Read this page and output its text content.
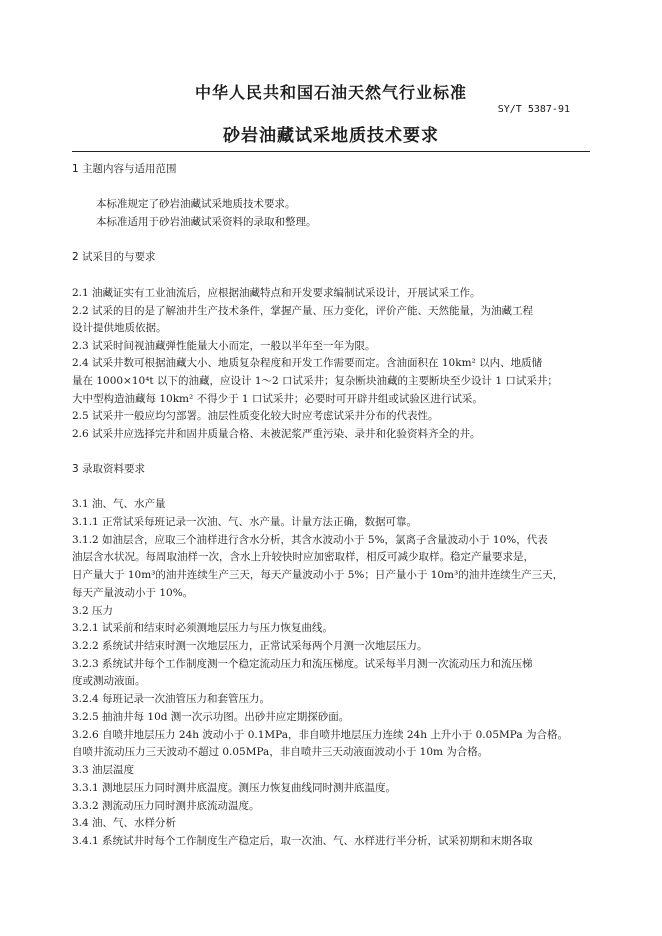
中华人民共和国石油天然气行业标准
SY/T 5387-91
砂岩油藏试采地质技术要求
1 主题内容与适用范围
本标准规定了砂岩油藏试采地质技术要求。
本标准适用于砂岩油藏试采资料的录取和整理。
2 试采目的与要求
2.1 油藏证实有工业油流后，应根据油藏特点和开发要求编制试采设计，开展试采工作。
2.2 试采的目的是了解油井生产技术条件，掌握产量、压力变化，评价产能、天然能量，为油藏工程
设计提供地质依据。
2.3 试采时间视油藏弹性能量大小而定，一般以半年至一年为限。
2.4 试采井数可根据油藏大小、地质复杂程度和开发工作需要而定。含油面积在 10km² 以内、地质储
量在 1000×10⁴t 以下的油藏，应设计 1～2 口试采井；复杂断块油藏的主要断块至少设计 1 口试采井；
大中型构造油藏每 10km² 不得少于 1 口试采井；必要时可开辟井组或试验区进行试采。
2.5 试采井一般应均匀部署。油层性质变化较大时应考虑试采井分布的代表性。
2.6 试采井应选择完井和固井质量合格、未被泥浆严重污染、录井和化验资料齐全的井。
3 录取资料要求
3.1 油、气、水产量
3.1.1 正常试采每班记录一次油、气、水产量。计量方法正确，数据可靠。
3.1.2 如油层含，应取三个油样进行含水分析，其含水波动小于 5%，氯离子含量波动小于 10%，代表
油层含水状况。每周取油样一次，含水上升较快时应加密取样，相反可减少取样。稳定产量要求是，
日产量大于 10m³的油井连续生产三天，每天产量波动小于 5%；日产量小于 10m³的油井连续生产三天，
每天产量波动小于 10%。
3.2 压力
3.2.1 试采前和结束时必须测地层压力与压力恢复曲线。
3.2.2 系统试井结束时测一次地层压力，正常试采每两个月测一次地层压力。
3.2.3 系统试井每个工作制度测一个稳定流动压力和流压梯度。试采每半月测一次流动压力和流压梯
度或测动液面。
3.2.4 每班记录一次油管压力和套管压力。
3.2.5 抽油井每 10d 测一次示功图。出砂井应定期探砂面。
3.2.6 自喷井地层压力 24h 波动小于 0.1MPa，非自喷井地层压力连续 24h 上升小于 0.05MPa 为合格。
自喷井流动压力三天波动不超过 0.05MPa，非自喷井三天动液面波动小于 10m 为合格。
3.3 油层温度
3.3.1 测地层压力同时测井底温度。测压力恢复曲线同时测井底温度。
3.3.2 测流动压力同时测井底流动温度。
3.4 油、气、水样分析
3.4.1 系统试井时每个工作制度生产稳定后，取一次油、气、水样进行半分析，试采初期和末期各取
